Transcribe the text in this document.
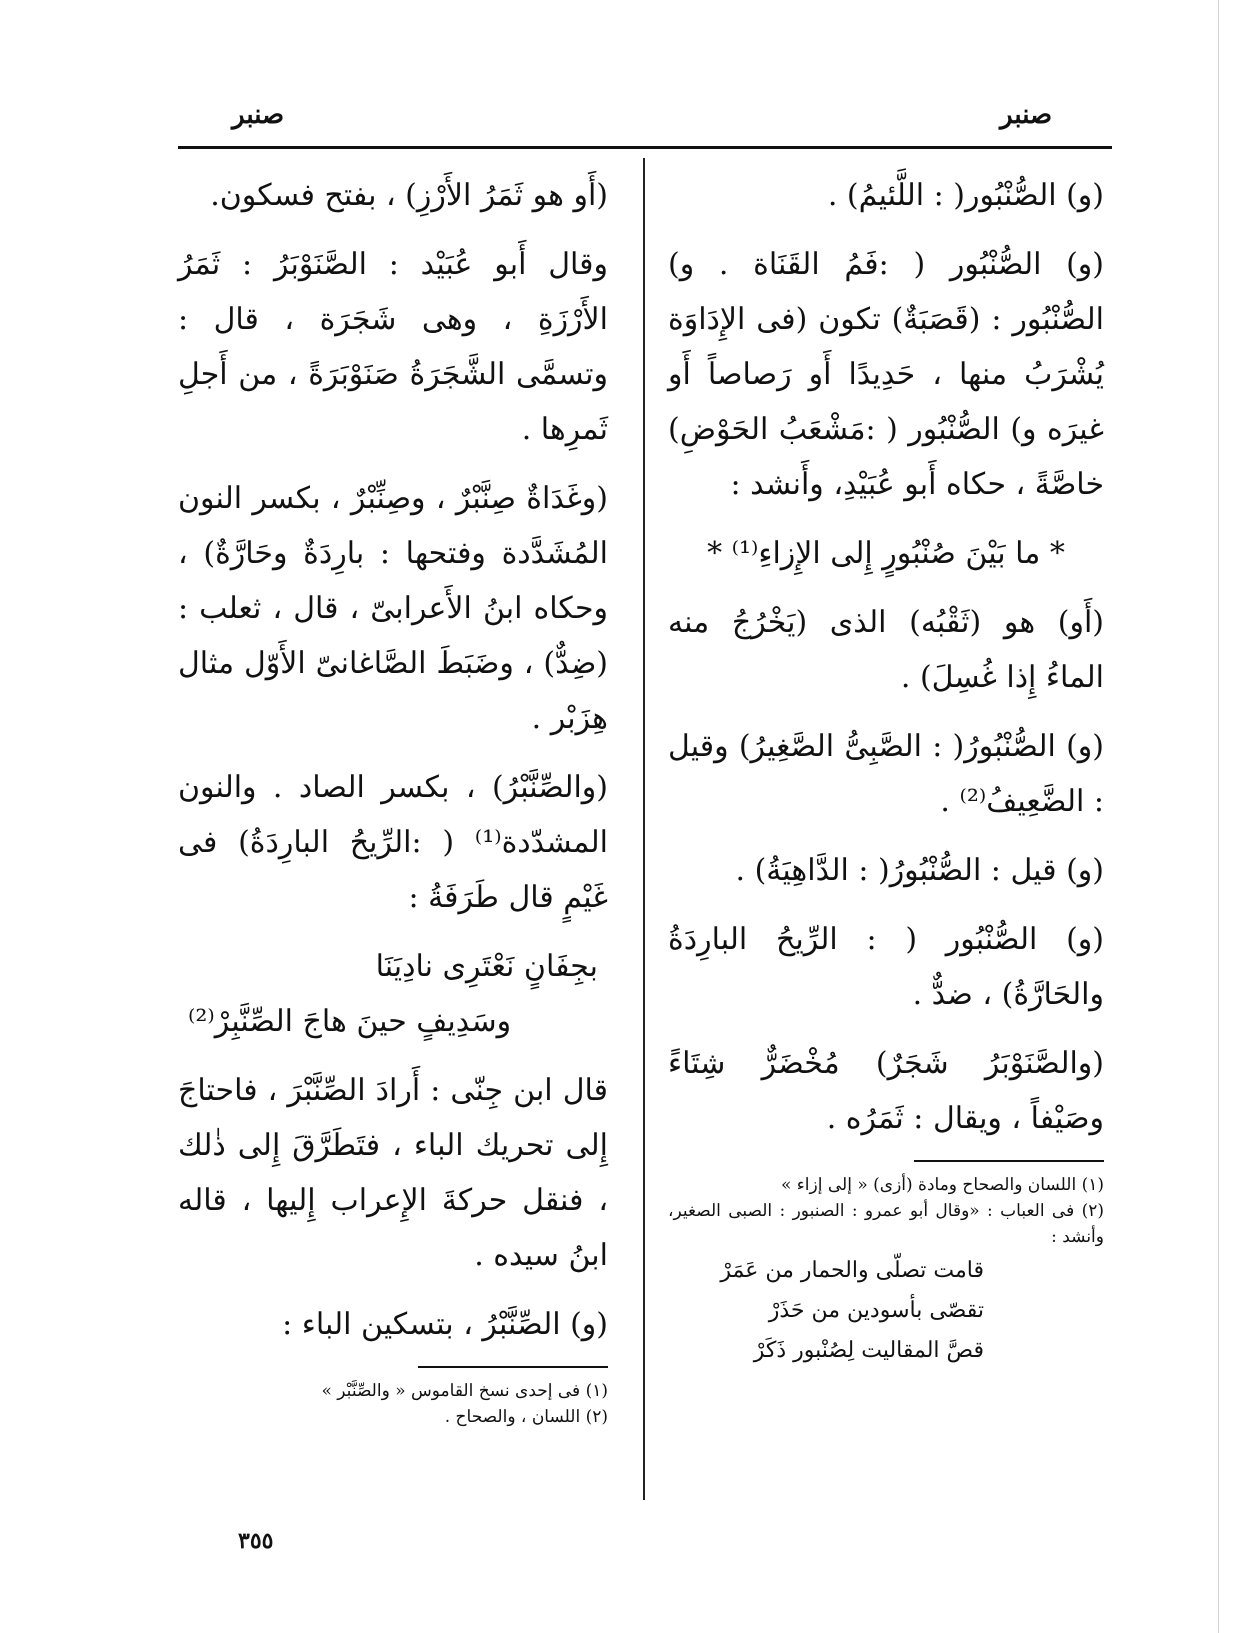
صنبر
صنبر

(و) الصُّنْبُور( : اللَّئيمُ) .

(و) الصُّنْبُور ( :فَمُ القَنَاة . و) الصُّنْبُور : (قَصَبَةٌ) تكون (فى الإِدَاوَة يُشْرَبُ منها ، حَدِيدًا أَو رَصاصاً أَو غيرَه و) الصُّنْبُور ( :مَشْعَبُ الحَوْضِ) خاصَّةً ، حكاه أَبو عُبَيْدِ، وأَنشد :

* ما بَيْنَ صُنْبُورٍ إِلى الإِزاءِ⁽¹⁾ *

(أَو) هو (ثَقْبُه) الذى (يَخْرُجُ منه الماءُ إِذا غُسِلَ) .

(و) الصُّنْبُورُ( : الصَّبِىُّ الصَّغِيرُ) وقيل : الضَّعِيفُ⁽²⁾ .

(و) قيل : الصُّنْبُورُ( : الدَّاهِيَةُ) .

(و) الصُّنْبُور ( : الرِّيحُ البارِدَةُ والحَارَّةُ) ، ضدٌّ .

(والصَّنَوْبَرُ شَجَرٌ) مُخْضَرٌّ شِتَاءً وصَيْفاً ، ويقال : ثَمَرُه .

(١) اللسان والصحاح ومادة (أزى) « إلى إزاء »

(٢) فى العباب : «وقال أبو عمرو : الصنبور : الصبى الصغير، وأنشد :

قامت تصلّى والحمار من عَمَرْ

تقصّى بأسودين من حَذَرْ

قصَّ المقاليت لِصُنْبور ذَكَرْ

(أَو هو ثَمَرُ الأَرْزِ) ، بفتح فسكون.

وقال أَبو عُبَيْد : الصَّنَوْبَرُ : ثَمَرُ الأَرْزَةِ ، وهى شَجَرَة ، قال : وتسمَّى الشَّجَرَةُ صَنَوْبَرَةً ، من أَجلِ ثَمرِها .

(وغَدَاةٌ صِنَّبْرٌ ، وصِنِّبْرٌ ، بكسر النون المُشَدَّدة وفتحها : بارِدَةٌ وحَارَّةٌ) ، وحكاه ابنُ الأَعرابىّ ، قال ، ثعلب : (ضِدٌّ) ، وضَبَطَ الصَّاغانىّ الأَوّل مثال هِزَبْر .

(والصِّنَّبْرُ) ، بكسر الصاد . والنون المشدّدة⁽¹⁾ ( :الرِّيحُ البارِدَةُ) فى غَيْمٍ قال طَرَفَةُ :

بجِفَانٍ نَعْتَرِى نادِيَنَا
وسَدِيفٍ حينَ هاجَ الصِّنَّبِرْ⁽²⁾

قال ابن جِنّى : أَرادَ الصِّنَّبْرَ ، فاحتاجَ إِلى تحريك الباء ، فتَطَرَّقَ إِلى ذٰلك ، فنقل حركةَ الإِعراب إِليها ، قاله ابنُ سيده .

(و) الصِّنَّبْرُ ، بتسكين الباء :

(١) فى إحدى نسخ القاموس « والصِّنَّبْر »

(٢) اللسان ، والصحاح .

٣٥٥
